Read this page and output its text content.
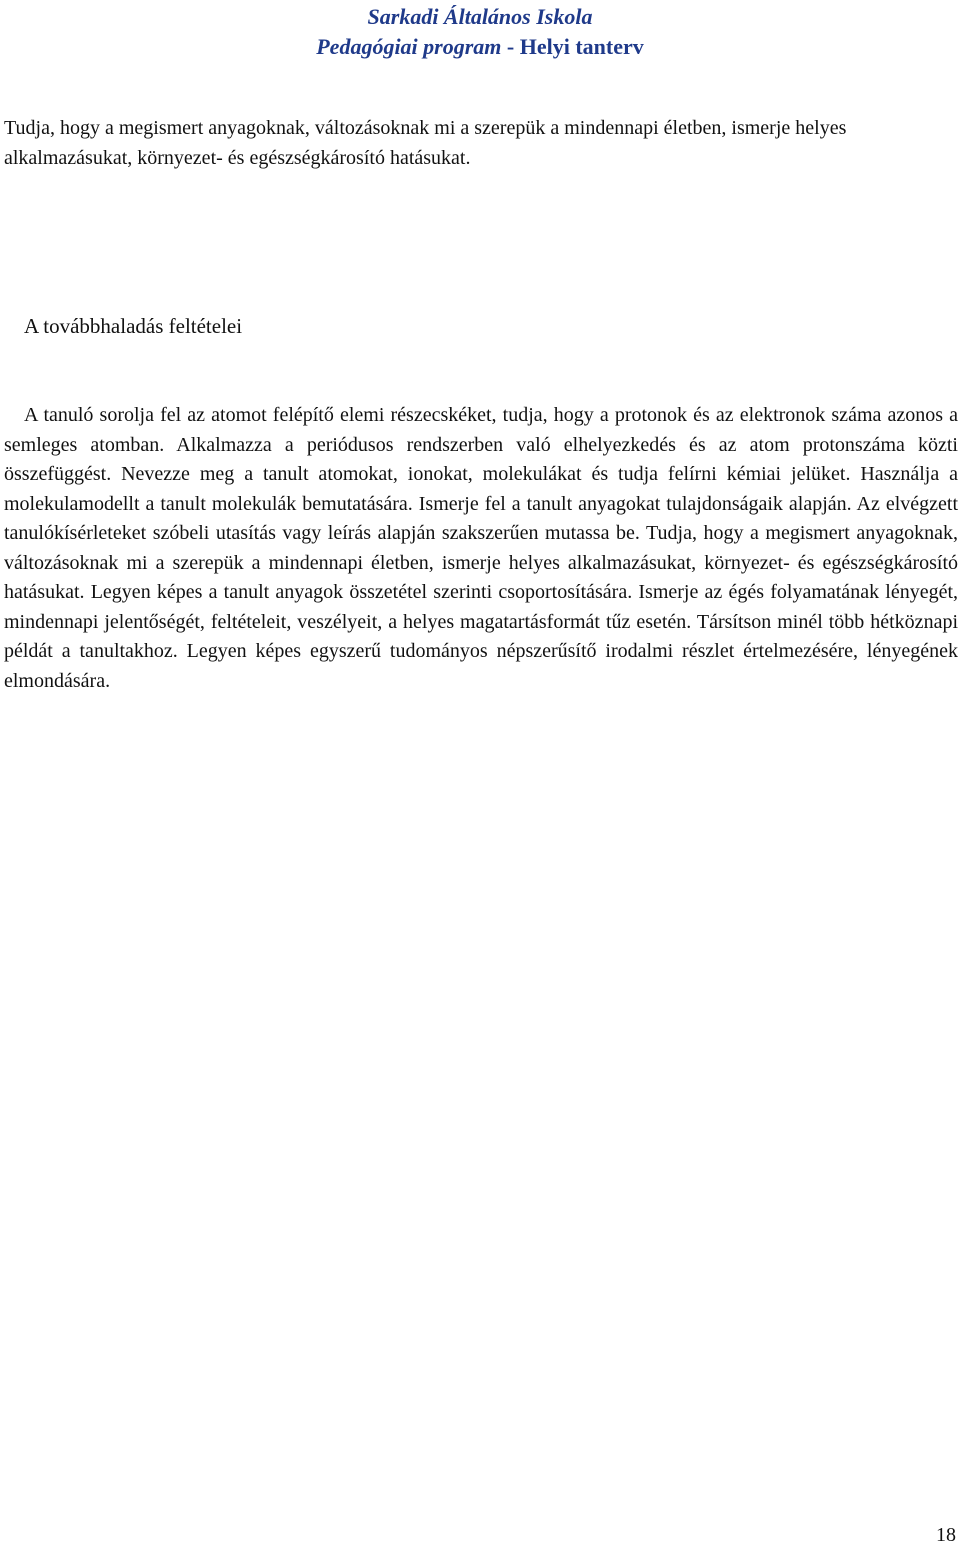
Sarkadi Általános Iskola
Pedagógiai program - Helyi tanterv

Tudja, hogy a megismert anyagoknak, változásoknak mi a szerepük a mindennapi életben, ismerje helyes alkalmazásukat, környezet- és egészségkárosító hatásukat.

A továbbhaladás feltételei

A tanuló sorolja fel az atomot felépítő elemi részecskéket, tudja, hogy a protonok és az elektronok száma azonos a semleges atomban. Alkalmazza a periódusos rendszerben való elhelyezkedés és az atom protonszáma közti összefüggést. Nevezze meg a tanult atomokat, ionokat, molekulákat és tudja felírni kémiai jelüket. Használja a molekulamodellt a tanult molekulák bemutatására. Ismerje fel a tanult anyagokat tulajdonságaik alapján. Az elvégzett tanulókísérleteket szóbeli utasítás vagy leírás alapján szakszerűen mutassa be. Tudja, hogy a megismert anyagoknak, változásoknak mi a szerepük a mindennapi életben, ismerje helyes alkalmazásukat, környezet- és egészségkárosító hatásukat. Legyen képes a tanult anyagok összetétel szerinti csoportosítására. Ismerje az égés folyamatának lényegét, mindennapi jelentőségét, feltételeit, veszélyeit, a helyes magatartásformát tűz esetén. Társítson minél több hétköznapi példát a tanultakhoz. Legyen képes egyszerű tudományos népszerűsítő irodalmi részlet értelmezésére, lényegének elmondására.

18
